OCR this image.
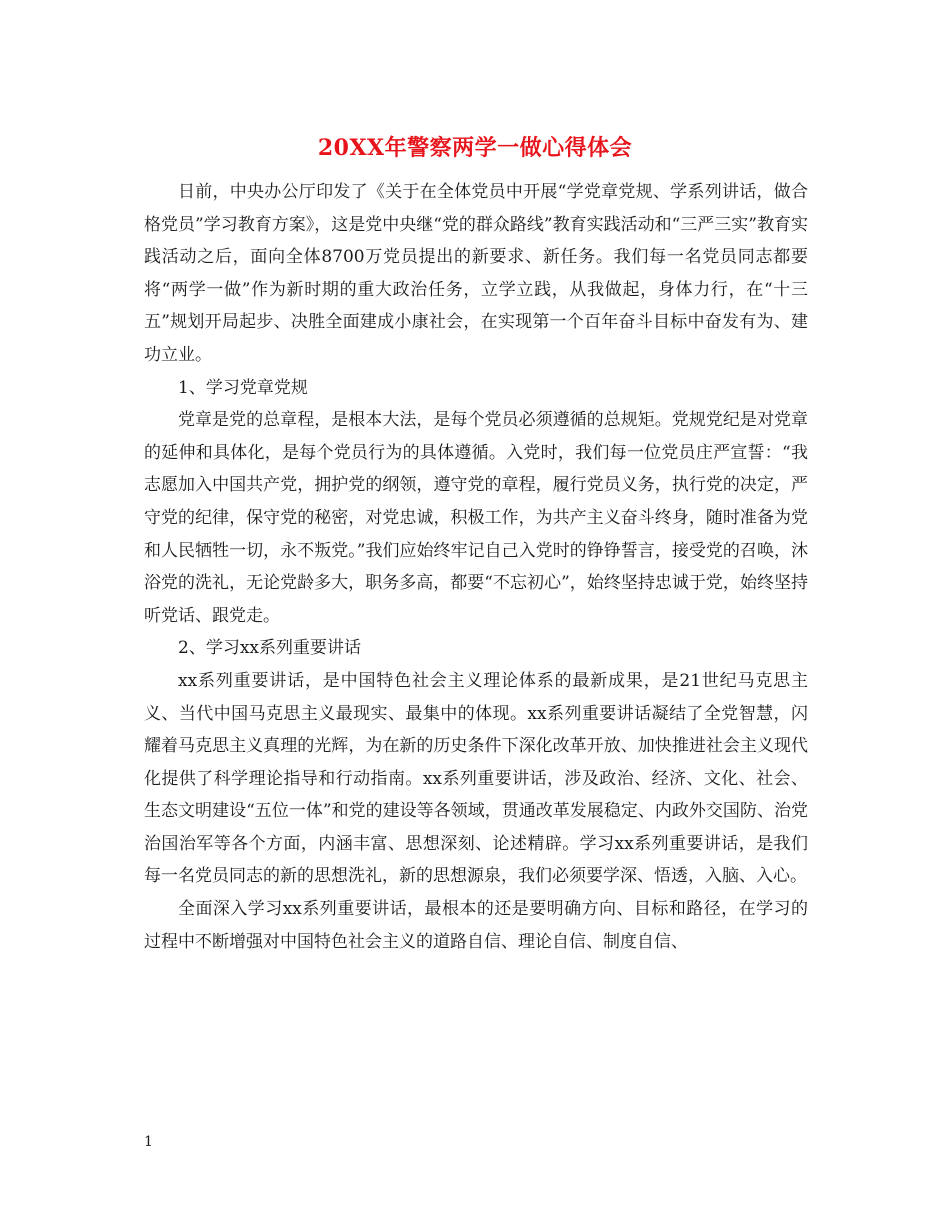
20XX年警察两学一做心得体会

日前，中央办公厅印发了《关于在全体党员中开展“学党章党规、学系列讲话，做合格党员”学习教育方案》，这是党中央继“党的群众路线”教育实践活动和“三严三实”教育实践活动之后，面向全体8700万党员提出的新要求、新任务。我们每一名党员同志都要将“两学一做”作为新时期的重大政治任务，立学立践，从我做起，身体力行，在“十三五”规划开局起步、决胜全面建成小康社会，在实现第一个百年奋斗目标中奋发有为、建功立业。

1、学习党章党规

党章是党的总章程，是根本大法，是每个党员必须遵循的总规矩。党规党纪是对党章的延伸和具体化，是每个党员行为的具体遵循。入党时，我们每一位党员庄严宣誓：“我志愿加入中国共产党，拥护党的纲领，遵守党的章程，履行党员义务，执行党的决定，严守党的纪律，保守党的秘密，对党忠诚，积极工作，为共产主义奋斗终身，随时准备为党和人民牺牲一切，永不叛党。”我们应始终牢记自己入党时的铮铮誓言，接受党的召唤，沐浴党的洗礼，无论党龄多大，职务多高，都要“不忘初心”，始终坚持忠诚于党，始终坚持听党话、跟党走。

2、学习xx系列重要讲话

xx系列重要讲话，是中国特色社会主义理论体系的最新成果，是21世纪马克思主义、当代中国马克思主义最现实、最集中的体现。xx系列重要讲话凝结了全党智慧，闪耀着马克思主义真理的光辉，为在新的历史条件下深化改革开放、加快推进社会主义现代化提供了科学理论指导和行动指南。xx系列重要讲话，涉及政治、经济、文化、社会、生态文明建设“五位一体”和党的建设等各领域，贯通改革发展稳定、内政外交国防、治党治国治军等各个方面，内涵丰富、思想深刻、论述精辟。学习xx系列重要讲话，是我们每一名党员同志的新的思想洗礼，新的思想源泉，我们必须要学深、悟透，入脑、入心。

全面深入学习xx系列重要讲话，最根本的还是要明确方向、目标和路径，在学习的过程中不断增强对中国特色社会主义的道路自信、理论自信、制度自信、

1
